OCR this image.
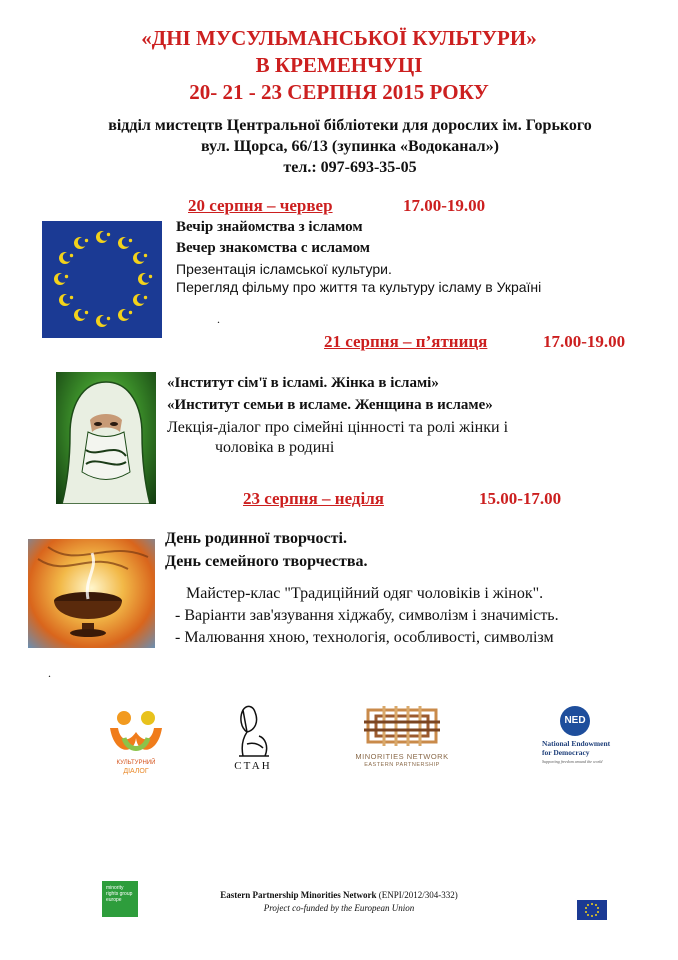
«ДНІ МУСУЛЬМАНСЬКОЇ КУЛЬТУРИ»
В КРЕМЕНЧУЦІ
20- 21 - 23 СЕРПНЯ 2015 РОКУ
відділ мистецтв Центральної бібліотеки для дорослих ім. Горького
вул. Щорса, 66/13 (зупинка «Водоканал»)
тел.: 097-693-35-05
20 серпня – червер	17.00-19.00
Вечір знайомства з ісламом
Вечер знакомства с исламом
Презентація ісламської культури.
Перегляд фільму про життя та культуру ісламу в Україні
.
21 серпня – п’ятниця	17.00-19.00
«Інститут сім'ї в ісламі. Жінка в ісламі»
«Институт семьи в исламе. Женщина в исламе»
Лекція-діалог про сімейні цінності та ролі жінки і
чоловіка в родині
23 серпня – неділя	15.00-17.00
День родинної творчості.
День семейного творчества.
Майстер-клас "Традиційний одяг чоловіків і жінок".
- Варіанти зав'язування хіджабу, символізм і значимість.
- Малювання хною, технологія, особливості, символізм
.
КУЛЬТУРНИЙ
ДІАЛОГ	СТАН
MINORITIES NETWORK
EASTERN PARTNERSHIP
NED
National Endowment
for Democracy
Supporting freedom around the world
minority rights group europe	Eastern Partnership Minorities Network (ENPI/2012/304-332)
Project co-funded by the European Union
